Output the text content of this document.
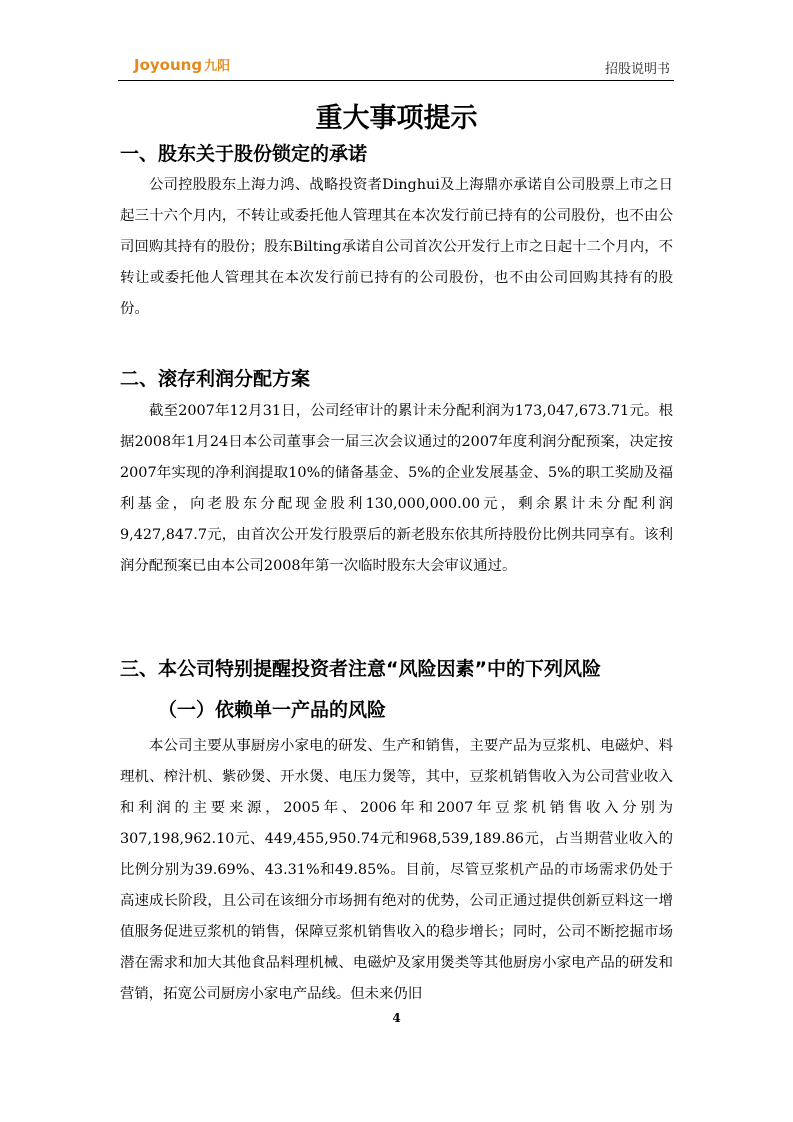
Joyoung 九阳	招股说明书
重大事项提示
一、股东关于股份锁定的承诺

公司控股股东上海力鸿、战略投资者Dinghui及上海鼎亦承诺自公司股票上市之日起三十六个月内，不转让或委托他人管理其在本次发行前已持有的公司股份，也不由公司回购其持有的股份；股东Bilting承诺自公司首次公开发行上市之日起十二个月内，不转让或委托他人管理其在本次发行前已持有的公司股份，也不由公司回购其持有的股份。

二、滚存利润分配方案

截至2007年12月31日，公司经审计的累计未分配利润为173,047,673.71元。根据2008年1月24日本公司董事会一届三次会议通过的2007年度利润分配预案，决定按2007年实现的净利润提取10%的储备基金、5%的企业发展基金、5%的职工奖励及福利基金，向老股东分配现金股利130,000,000.00元，剩余累计未分配利润9,427,847.7元，由首次公开发行股票后的新老股东依其所持股份比例共同享有。该利润分配预案已由本公司2008年第一次临时股东大会审议通过。

三、本公司特别提醒投资者注意“风险因素”中的下列风险
（一）依赖单一产品的风险

本公司主要从事厨房小家电的研发、生产和销售，主要产品为豆浆机、电磁炉、料理机、榨汁机、紫砂煲、开水煲、电压力煲等，其中，豆浆机销售收入为公司营业收入和利润的主要来源，2005年、2006年和2007年豆浆机销售收入分别为307,198,962.10元、449,455,950.74元和968,539,189.86元，占当期营业收入的比例分别为39.69%、43.31%和49.85%。目前，尽管豆浆机产品的市场需求仍处于高速成长阶段，且公司在该细分市场拥有绝对的优势，公司正通过提供创新豆料这一增值服务促进豆浆机的销售，保障豆浆机销售收入的稳步增长；同时，公司不断挖掘市场潜在需求和加大其他食品料理机械、电磁炉及家用煲类等其他厨房小家电产品的研发和营销，拓宽公司厨房小家电产品线。但未来仍旧

4
